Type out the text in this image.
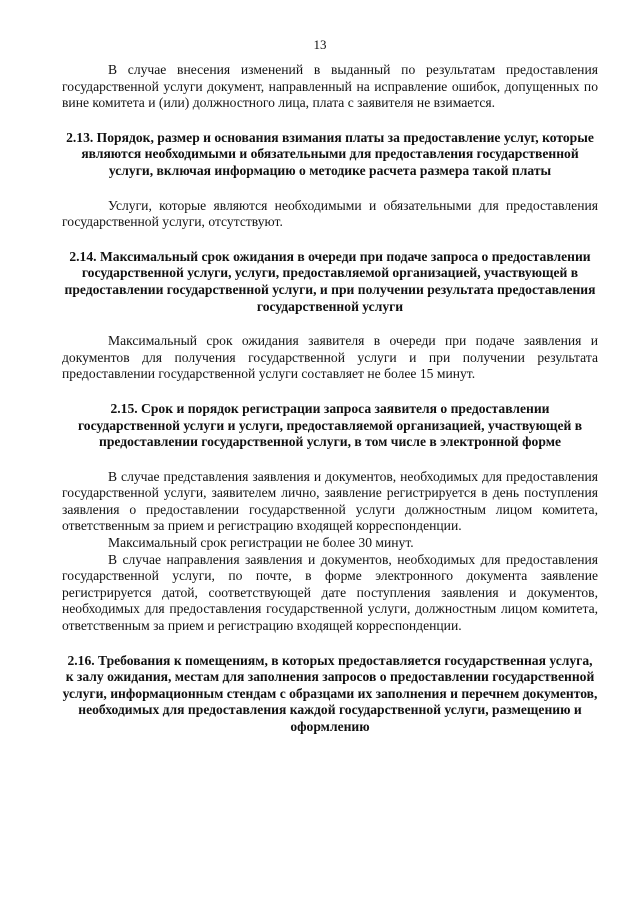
13

В случае внесения изменений в выданный по результатам предоставления государственной услуги документ, направленный на исправление ошибок, допущенных по вине комитета и (или) должностного лица, плата с заявителя не взимается.

2.13. Порядок, размер и основания взимания платы за предоставление услуг, которые являются необходимыми и обязательными для предоставления государственной услуги, включая информацию о методике расчета размера такой платы

Услуги, которые являются необходимыми и обязательными для предоставления государственной услуги, отсутствуют.

2.14. Максимальный срок ожидания в очереди при подаче запроса о предоставлении государственной услуги, услуги, предоставляемой организацией, участвующей в предоставлении государственной услуги, и при получении результата предоставления государственной услуги

Максимальный срок ожидания заявителя в очереди при подаче заявления и документов для получения государственной услуги и при получении результата предоставлении государственной услуги составляет не более 15 минут.

2.15. Срок и порядок регистрации запроса заявителя о предоставлении государственной услуги и услуги, предоставляемой организацией, участвующей в предоставлении государственной услуги, в том числе в электронной форме

В случае представления заявления и документов, необходимых для предоставления государственной услуги, заявителем лично, заявление регистрируется в день поступления заявления о предоставлении государственной услуги должностным лицом комитета, ответственным за прием и регистрацию входящей корреспонденции.

Максимальный срок регистрации не более 30 минут.

В случае направления заявления и документов, необходимых для предоставления государственной услуги, по почте, в форме электронного документа заявление регистрируется датой, соответствующей дате поступления заявления и документов, необходимых для предоставления государственной услуги, должностным лицом комитета, ответственным за прием и регистрацию входящей корреспонденции.

2.16. Требования к помещениям, в которых предоставляется государственная услуга, к залу ожидания, местам для заполнения запросов о предоставлении государственной услуги, информационным стендам с образцами их заполнения и перечнем документов, необходимых для предоставления каждой государственной услуги, размещению и оформлению
